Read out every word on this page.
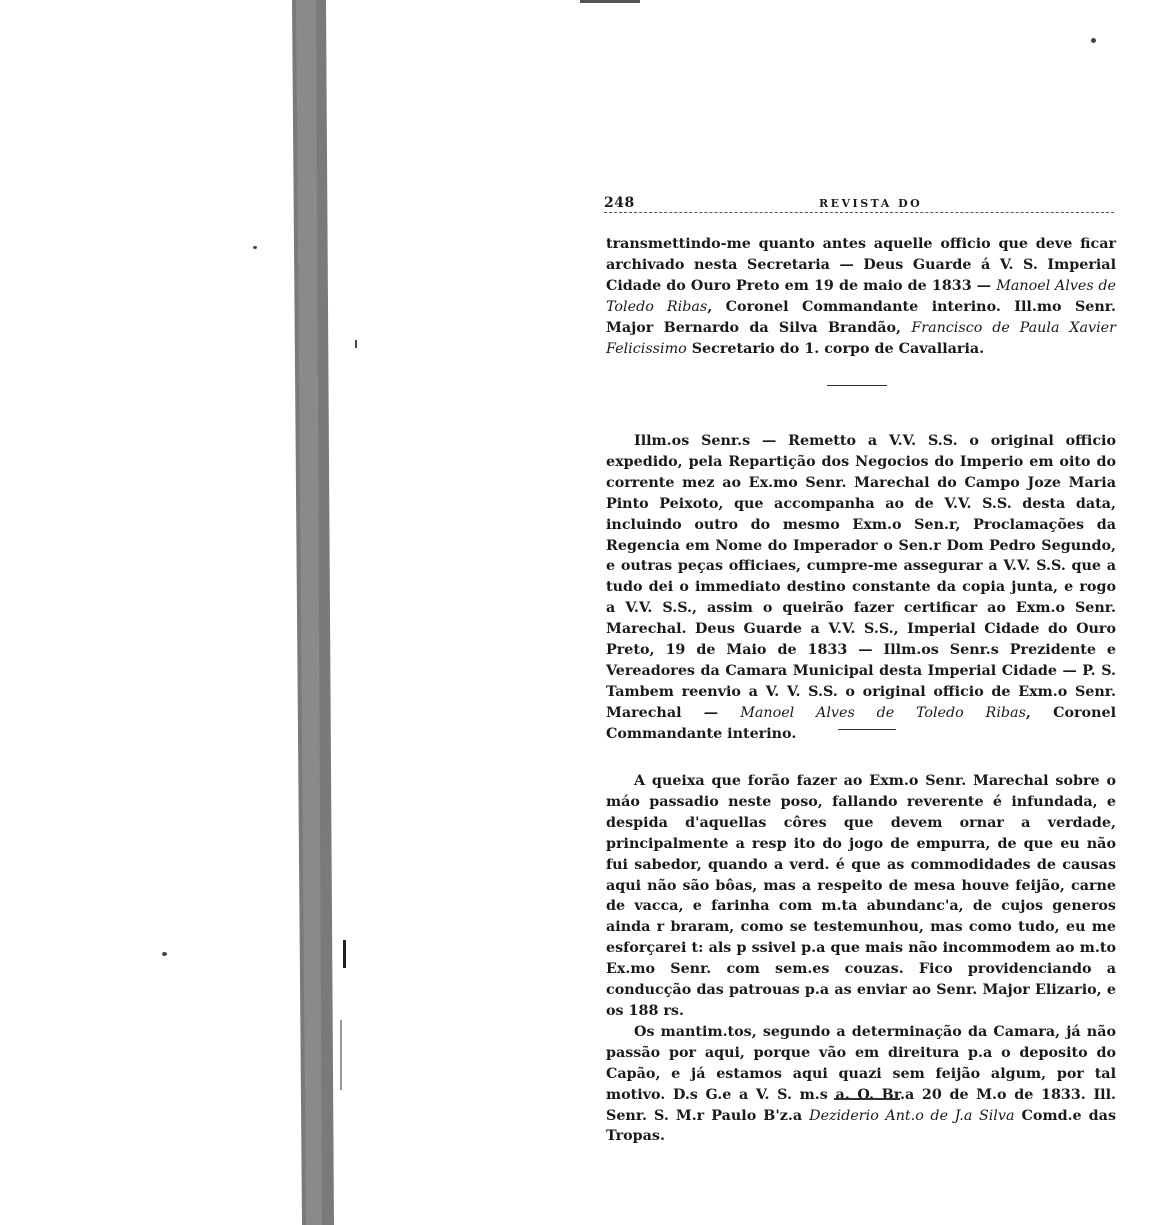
248	REVISTA DO

transmettindo-me quanto antes aquelle officio que deve ficar archivado nesta Secretaria — Deus Guarde á V. S. Imperial Cidade do Ouro Preto em 19 de maio de 1833 — Manoel Alves de Toledo Ribas, Coronel Commandante interino. Ill.mo Senr. Major Bernardo da Silva Brandão, Francisco de Paula Xavier Felicissimo Secretario do 1. corpo de Cavallaria.

Illm.os Senr.s — Remetto a V.V. S.S. o original officio expedido, pela Repartição dos Negocios do Imperio em oito do corrente mez ao Ex.mo Senr. Marechal do Campo Joze Maria Pinto Peixoto, que accompanha ao de V.V. S.S. desta data, incluindo outro do mesmo Exm.o Sen.r, Proclamações da Regencia em Nome do Imperador o Sen.r Dom Pedro Segundo, e outras peças officiaes, cumpre-me assegurar a V.V. S.S. que a tudo dei o immediato destino constante da copia junta, e rogo a V.V. S.S., assim o queirão fazer certificar ao Exm.o Senr. Marechal. Deus Guarde a V.V. S.S., Imperial Cidade do Ouro Preto, 19 de Maio de 1833 — Illm.os Senr.s Prezidente e Vereadores da Camara Municipal desta Imperial Cidade — P. S. Tambem reenvio a V. V. S.S. o original officio de Exm.o Senr. Marechal — Manoel Alves de Toledo Ribas, Coronel Commandante interino.

A queixa que forão fazer ao Exm.o Senr. Marechal sobre o máo passadio neste poso, fallando reverente é infundada, e despida d'aquellas côres que devem ornar a verdade, principalmente a resp ito do jogo de empurra, de que eu não fui sabedor, quando a verd. é que as commodidades de causas aqui não são bôas, mas a respeito de mesa houve feijão, carne de vacca, e farinha com m.ta abundanc'a, de cujos generos ainda r braram, como se testemunhou, mas como tudo, eu me esforçarei t: als p ssivel p.a que mais não incommodem ao m.to Ex.mo Senr. com sem.es couzas. Fico providenciando a conducção das patrouas p.a as enviar ao Senr. Major Elizario, e os 188 rs.

Os mantim.tos, segundo a determinação da Camara, já não passão por aqui, porque vão em direitura p.a o deposito do Capão, e já estamos aqui quazi sem feijão algum, por tal motivo. D.s G.e a V. S. m.s a. O. Br.a 20 de M.o de 1833. Ill. Senr. S. M.r Paulo B'z.a Deziderio Ant.o de J.a Silva Comd.e das Tropas.
